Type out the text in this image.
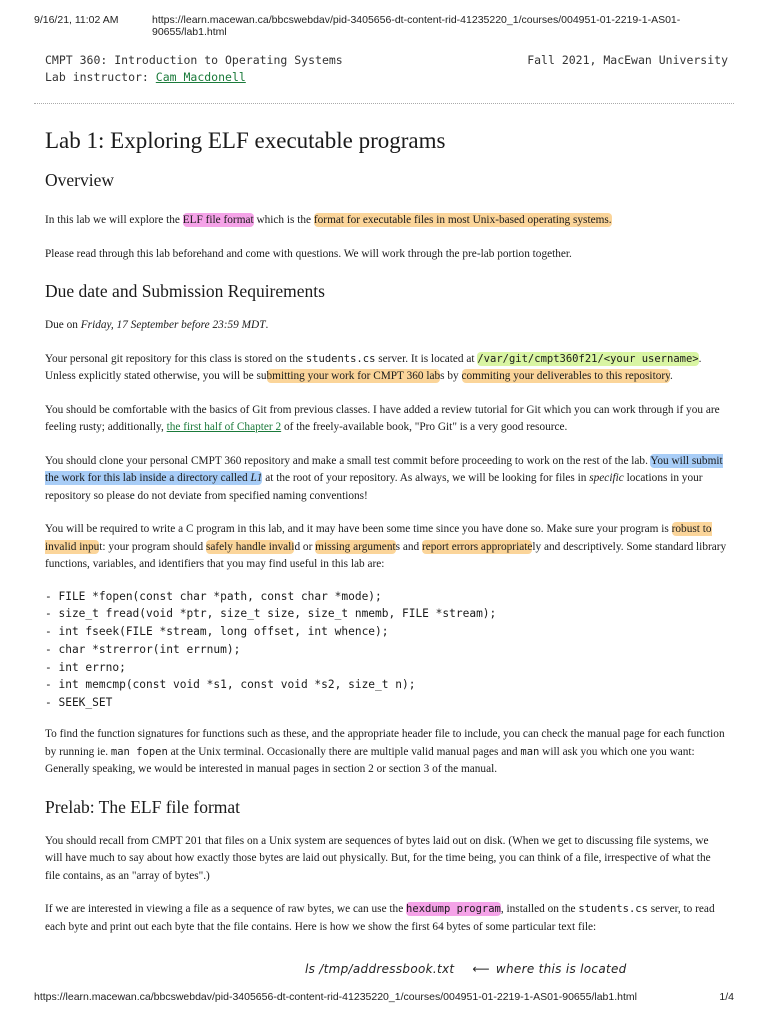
9/16/21, 11:02 AM	https://learn.macewan.ca/bbcswebdav/pid-3405656-dt-content-rid-41235220_1/courses/004951-01-2219-1-AS01-90655/lab1.html
CMPT 360: Introduction to Operating Systems	Fall 2021, MacEwan University
Lab instructor: Cam Macdonell
Lab 1: Exploring ELF executable programs
Overview

In this lab we will explore the ELF file format which is the format for executable files in most Unix-based operating systems.

Please read through this lab beforehand and come with questions. We will work through the pre-lab portion together.

Due date and Submission Requirements

Due on Friday, 17 September before 23:59 MDT.

Your personal git repository for this class is stored on the students.cs server. It is located at /var/git/cmpt360f21/<your username>. Unless explicitly stated otherwise, you will be submitting your work for CMPT 360 labs by commiting your deliverables to this repository.

You should be comfortable with the basics of Git from previous classes. I have added a review tutorial for Git which you can work through if you are feeling rusty; additionally, the first half of Chapter 2 of the freely-available book, "Pro Git" is a very good resource.

You should clone your personal CMPT 360 repository and make a small test commit before proceeding to work on the rest of the lab. You will submit the work for this lab inside a directory called L1 at the root of your repository. As always, we will be looking for files in specific locations in your repository so please do not deviate from specified naming conventions!

You will be required to write a C program in this lab, and it may have been some time since you have done so. Make sure your program is robust to invalid input: your program should safely handle invalid or missing arguments and report errors appropriately and descriptively. Some standard library functions, variables, and identifiers that you may find useful in this lab are:

- FILE *fopen(const char *path, const char *mode);
- size_t fread(void *ptr, size_t size, size_t nmemb, FILE *stream);
- int fseek(FILE *stream, long offset, int whence);
- char *strerror(int errnum);
- int errno;
- int memcmp(const void *s1, const void *s2, size_t n);
- SEEK_SET

To find the function signatures for functions such as these, and the appropriate header file to include, you can check the manual page for each function by running ie. man fopen at the Unix terminal. Occasionally there are multiple valid manual pages and man will ask you which one you want: Generally speaking, we would be interested in manual pages in section 2 or section 3 of the manual.

Prelab: The ELF file format

You should recall from CMPT 201 that files on a Unix system are sequences of bytes laid out on disk. (When we get to discussing file systems, we will have much to say about how exactly those bytes are laid out physically. But, for the time being, you can think of a file, irrespective of what the file contains, as an "array of bytes".)

If we are interested in viewing a file as a sequence of raw bytes, we can use the hexdump program, installed on the students.cs server, to read each byte and print out each byte that the file contains. Here is how we show the first 64 bytes of some particular text file:

ls /tmp/addressbook.txt ⟵ where this is located
https://learn.macewan.ca/bbcswebdav/pid-3405656-dt-content-rid-41235220_1/courses/004951-01-2219-1-AS01-90655/lab1.html	1/4
